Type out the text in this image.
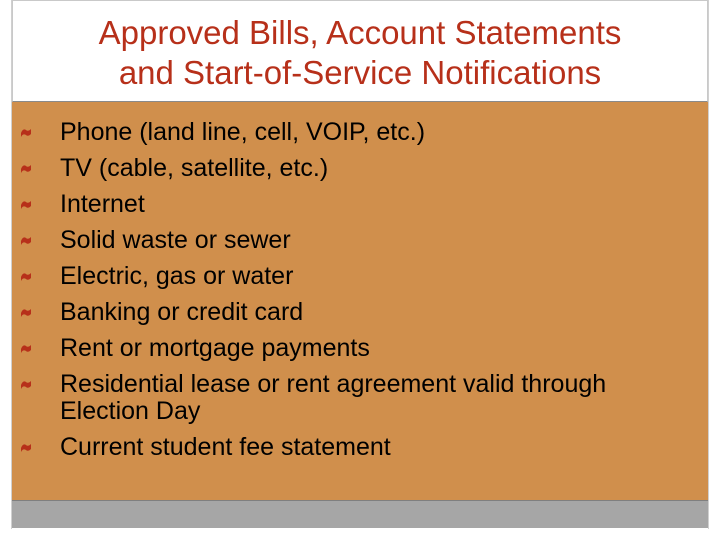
Approved Bills, Account Statements
and Start-of-Service Notifications
Phone (land line, cell, VOIP, etc.)
TV (cable, satellite, etc.)
Internet
Solid waste or sewer
Electric, gas or water
Banking or credit card
Rent or mortgage payments
Residential lease or rent agreement valid through Election Day
Current student fee statement
